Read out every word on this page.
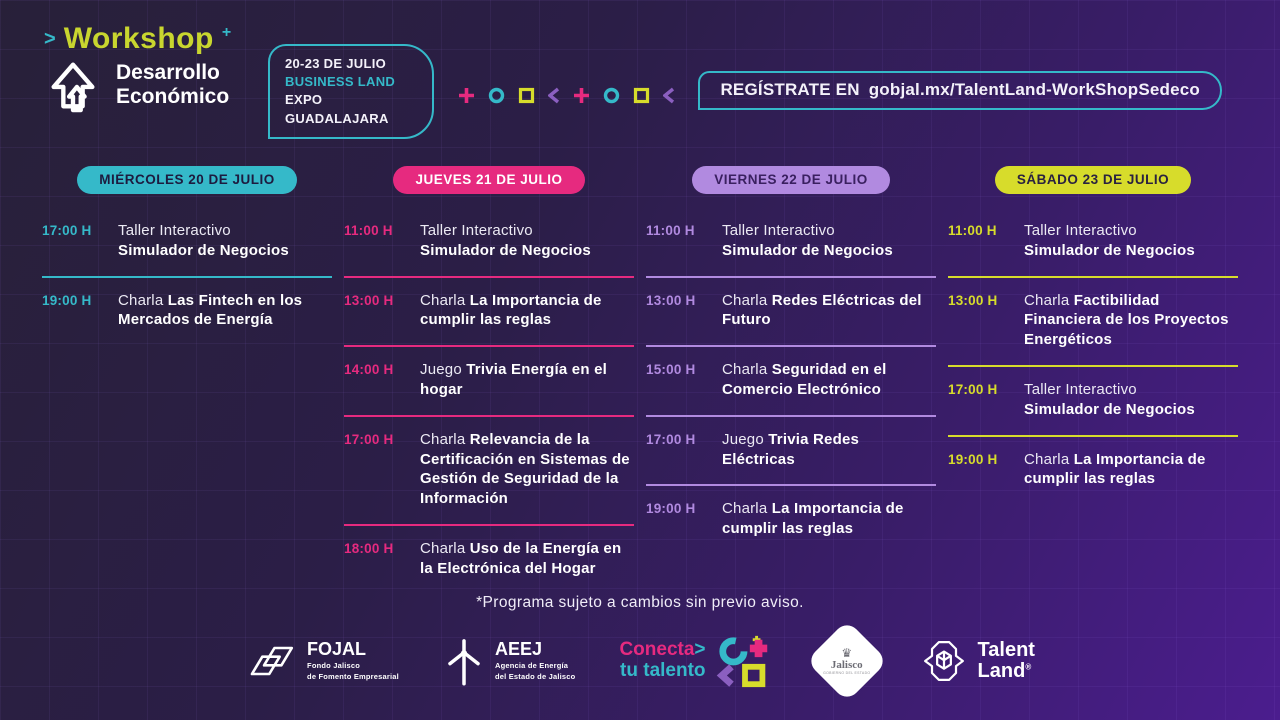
> Workshop +
Desarrollo
Económico
20-23 DE JULIO
BUSINESS LAND
EXPO GUADALAJARA
REGÍSTRATE EN gobjal.mx/TalentLand-WorkShopSedeco
MIÉRCOLES 20 DE JULIO
17:00 H	Taller Interactivo
Simulador de Negocios
19:00 H	Charla Las Fintech en los Mercados de Energía
JUEVES 21 DE JULIO
11:00 H	Taller Interactivo
Simulador de Negocios
13:00 H	Charla La Importancia de cumplir las reglas
14:00 H	Juego Trivia Energía en el hogar
17:00 H	Charla Relevancia de la Certificación en Sistemas de Gestión de Seguridad de la Información
18:00 H	Charla Uso de la Energía en la Electrónica del Hogar
VIERNES 22 DE JULIO
11:00 H	Taller Interactivo
Simulador de Negocios
13:00 H	Charla Redes Eléctricas del Futuro
15:00 H	Charla Seguridad en el Comercio Electrónico
17:00 H	Juego Trivia Redes Eléctricas
19:00 H	Charla La Importancia de cumplir las reglas
SÁBADO 23 DE JULIO
11:00 H	Taller Interactivo
Simulador de Negocios
13:00 H	Charla Factibilidad Financiera de los Proyectos Energéticos
17:00 H	Taller Interactivo
Simulador de Negocios
19:00 H	Charla La Importancia de cumplir las reglas
*Programa sujeto a cambios sin previo aviso.
FOJAL
Fondo Jalisco
de Fomento Empresarial
AEEJ
Agencia de Energía
del Estado de Jalisco
Conecta>
tu talento
♛
Jalisco
GOBIERNO DEL ESTADO
Talent
Land®
